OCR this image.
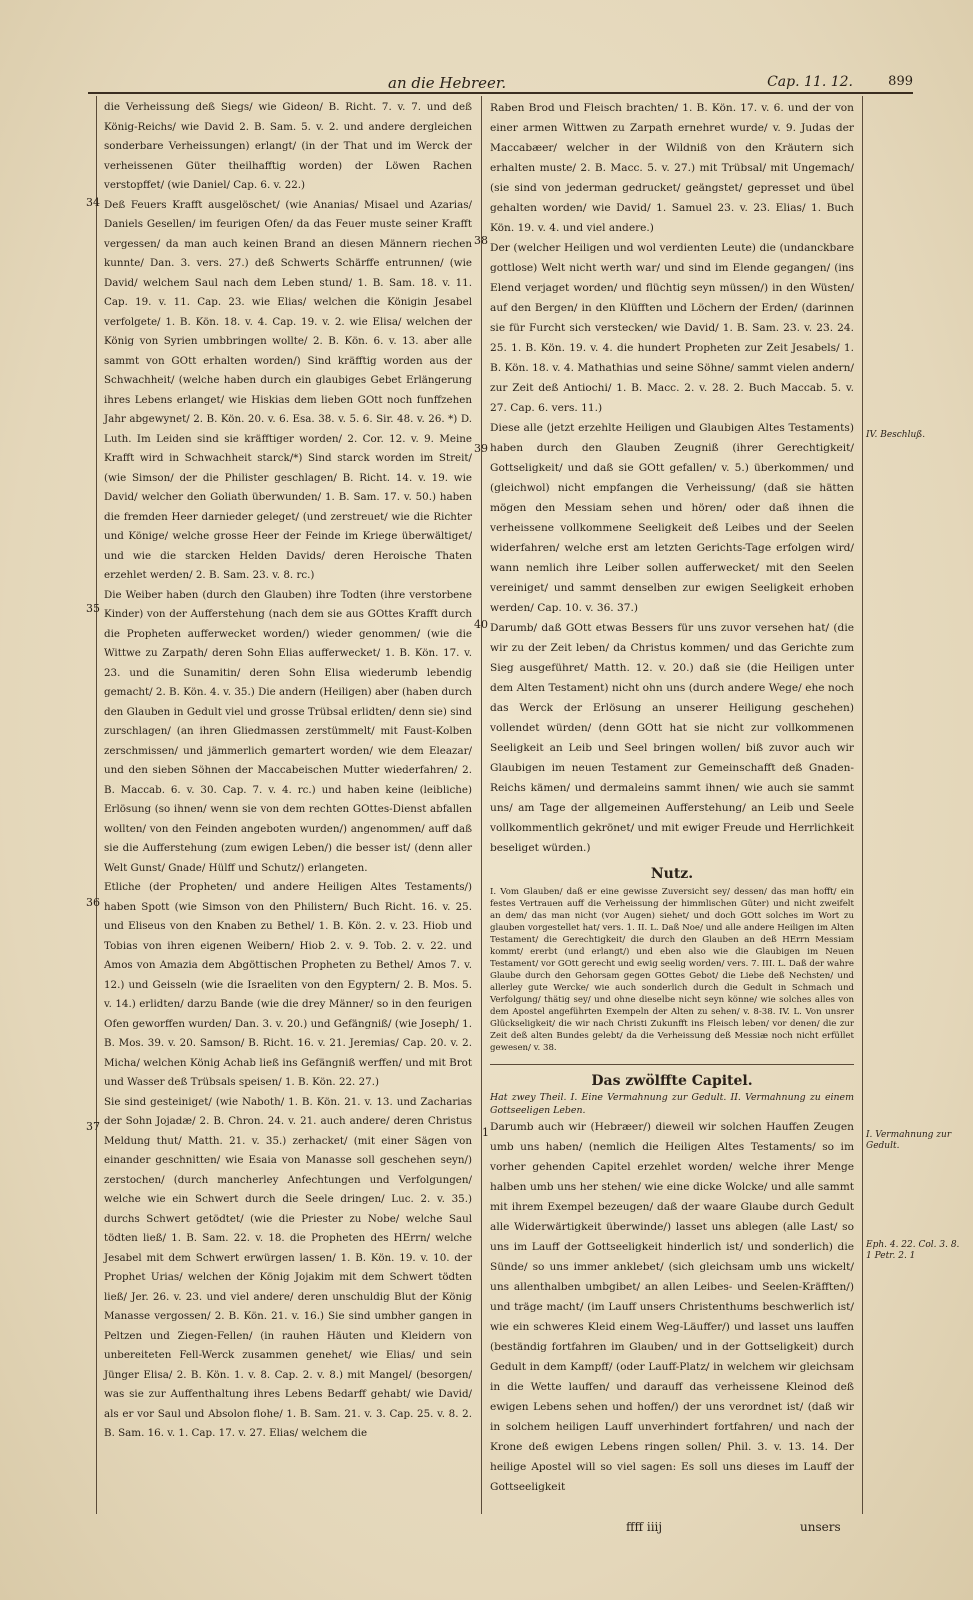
an die Hebreer.	Cap. 11. 12.	899
34
35
36
37
38
39
40
1
IV. Beschluß.
I. Vermahnung zur Gedult.
Eph. 4. 22. Col. 3. 8. 1 Petr. 2. 1

die Verheissung deß Siegs/ wie Gideon/ B. Richt. 7. v. 7. und deß König-Reichs/ wie David 2. B. Sam. 5. v. 2. und andere dergleichen sonderbare Verheissungen) erlangt/ (in der That und im Werck der verheissenen Güter theilhafftig worden) der Löwen Rachen verstopffet/ (wie Daniel/ Cap. 6. v. 22.)

Deß Feuers Krafft ausgelöschet/ (wie Ananias/ Misael und Azarias/ Daniels Gesellen/ im feurigen Ofen/ da das Feuer muste seiner Krafft vergessen/ da man auch keinen Brand an diesen Männern riechen kunnte/ Dan. 3. vers. 27.) deß Schwerts Schärffe entrunnen/ (wie David/ welchem Saul nach dem Leben stund/ 1. B. Sam. 18. v. 11. Cap. 19. v. 11. Cap. 23. wie Elias/ welchen die Königin Jesabel verfolgete/ 1. B. Kön. 18. v. 4. Cap. 19. v. 2. wie Elisa/ welchen der König von Syrien umbbringen wollte/ 2. B. Kön. 6. v. 13. aber alle sammt von GOtt erhalten worden/) Sind kräfftig worden aus der Schwachheit/ (welche haben durch ein glaubiges Gebet Erlängerung ihres Lebens erlanget/ wie Hiskias dem lieben GOtt noch funffzehen Jahr abgewynet/ 2. B. Kön. 20. v. 6. Esa. 38. v. 5. 6. Sir. 48. v. 26. *) D. Luth. Im Leiden sind sie kräfftiger worden/ 2. Cor. 12. v. 9. Meine Krafft wird in Schwachheit starck/*) Sind starck worden im Streit/ (wie Simson/ der die Philister geschlagen/ B. Richt. 14. v. 19. wie David/ welcher den Goliath überwunden/ 1. B. Sam. 17. v. 50.) haben die fremden Heer darnieder geleget/ (und zerstreuet/ wie die Richter und Könige/ welche grosse Heer der Feinde im Kriege überwältiget/ und wie die starcken Helden Davids/ deren Heroische Thaten erzehlet werden/ 2. B. Sam. 23. v. 8. rc.)

Die Weiber haben (durch den Glauben) ihre Todten (ihre verstorbene Kinder) von der Aufferstehung (nach dem sie aus GOttes Krafft durch die Propheten aufferwecket worden/) wieder genommen/ (wie die Wittwe zu Zarpath/ deren Sohn Elias aufferwecket/ 1. B. Kön. 17. v. 23. und die Sunamitin/ deren Sohn Elisa wiederumb lebendig gemacht/ 2. B. Kön. 4. v. 35.) Die andern (Heiligen) aber (haben durch den Glauben in Gedult viel und grosse Trübsal erlidten/ denn sie) sind zurschlagen/ (an ihren Gliedmassen zerstümmelt/ mit Faust-Kolben zerschmissen/ und jämmerlich gemartert worden/ wie dem Eleazar/ und den sieben Söhnen der Maccabeischen Mutter wiederfahren/ 2. B. Maccab. 6. v. 30. Cap. 7. v. 4. rc.) und haben keine (leibliche) Erlösung (so ihnen/ wenn sie von dem rechten GOttes-Dienst abfallen wollten/ von den Feinden angeboten wurden/) angenommen/ auff daß sie die Aufferstehung (zum ewigen Leben/) die besser ist/ (denn aller Welt Gunst/ Gnade/ Hülff und Schutz/) erlangeten.

Etliche (der Propheten/ und andere Heiligen Altes Testaments/) haben Spott (wie Simson von den Philistern/ Buch Richt. 16. v. 25. und Eliseus von den Knaben zu Bethel/ 1. B. Kön. 2. v. 23. Hiob und Tobias von ihren eigenen Weibern/ Hiob 2. v. 9. Tob. 2. v. 22. und Amos von Amazia dem Abgöttischen Propheten zu Bethel/ Amos 7. v. 12.) und Geisseln (wie die Israeliten von den Egyptern/ 2. B. Mos. 5. v. 14.) erlidten/ darzu Bande (wie die drey Männer/ so in den feurigen Ofen geworffen wurden/ Dan. 3. v. 20.) und Gefängniß/ (wie Joseph/ 1. B. Mos. 39. v. 20. Samson/ B. Richt. 16. v. 21. Jeremias/ Cap. 20. v. 2. Micha/ welchen König Achab ließ ins Gefängniß werffen/ und mit Brot und Wasser deß Trübsals speisen/ 1. B. Kön. 22. 27.)

Sie sind gesteiniget/ (wie Naboth/ 1. B. Kön. 21. v. 13. und Zacharias der Sohn Jojadæ/ 2. B. Chron. 24. v. 21. auch andere/ deren Christus Meldung thut/ Matth. 21. v. 35.) zerhacket/ (mit einer Sägen von einander geschnitten/ wie Esaia von Manasse soll geschehen seyn/) zerstochen/ (durch mancherley Anfechtungen und Verfolgungen/ welche wie ein Schwert durch die Seele dringen/ Luc. 2. v. 35.) durchs Schwert getödtet/ (wie die Priester zu Nobe/ welche Saul tödten ließ/ 1. B. Sam. 22. v. 18. die Propheten des HErrn/ welche Jesabel mit dem Schwert erwürgen lassen/ 1. B. Kön. 19. v. 10. der Prophet Urias/ welchen der König Jojakim mit dem Schwert tödten ließ/ Jer. 26. v. 23. und viel andere/ deren unschuldig Blut der König Manasse vergossen/ 2. B. Kön. 21. v. 16.) Sie sind umbher gangen in Peltzen und Ziegen-Fellen/ (in rauhen Häuten und Kleidern von unbereiteten Fell-Werck zusammen genehet/ wie Elias/ und sein Jünger Elisa/ 2. B. Kön. 1. v. 8. Cap. 2. v. 8.) mit Mangel/ (besorgen/ was sie zur Auffenthaltung ihres Lebens Bedarff gehabt/ wie David/ als er vor Saul und Absolon flohe/ 1. B. Sam. 21. v. 3. Cap. 25. v. 8. 2. B. Sam. 16. v. 1. Cap. 17. v. 27. Elias/ welchem die

Raben Brod und Fleisch brachten/ 1. B. Kön. 17. v. 6. und der von einer armen Wittwen zu Zarpath ernehret wurde/ v. 9. Judas der Maccabæer/ welcher in der Wildniß von den Kräutern sich erhalten muste/ 2. B. Macc. 5. v. 27.) mit Trübsal/ mit Ungemach/ (sie sind von jederman gedrucket/ geängstet/ gepresset und übel gehalten worden/ wie David/ 1. Samuel 23. v. 23. Elias/ 1. Buch Kön. 19. v. 4. und viel andere.)

Der (welcher Heiligen und wol verdienten Leute) die (undanckbare gottlose) Welt nicht werth war/ und sind im Elende gegangen/ (ins Elend verjaget worden/ und flüchtig seyn müssen/) in den Wüsten/ auf den Bergen/ in den Klüfften und Löchern der Erden/ (darinnen sie für Furcht sich verstecken/ wie David/ 1. B. Sam. 23. v. 23. 24. 25. 1. B. Kön. 19. v. 4. die hundert Propheten zur Zeit Jesabels/ 1. B. Kön. 18. v. 4. Mathathias und seine Söhne/ sammt vielen andern/ zur Zeit deß Antiochi/ 1. B. Macc. 2. v. 28. 2. Buch Maccab. 5. v. 27. Cap. 6. vers. 11.)

Diese alle (jetzt erzehlte Heiligen und Glaubigen Altes Testaments) haben durch den Glauben Zeugniß (ihrer Gerechtigkeit/ Gottseligkeit/ und daß sie GOtt gefallen/ v. 5.) überkommen/ und (gleichwol) nicht empfangen die Verheissung/ (daß sie hätten mögen den Messiam sehen und hören/ oder daß ihnen die verheissene vollkommene Seeligkeit deß Leibes und der Seelen widerfahren/ welche erst am letzten Gerichts-Tage erfolgen wird/ wann nemlich ihre Leiber sollen aufferwecket/ mit den Seelen vereiniget/ und sammt denselben zur ewigen Seeligkeit erhoben werden/ Cap. 10. v. 36. 37.)

Darumb/ daß GOtt etwas Bessers für uns zuvor versehen hat/ (die wir zu der Zeit leben/ da Christus kommen/ und das Gerichte zum Sieg ausgeführet/ Matth. 12. v. 20.) daß sie (die Heiligen unter dem Alten Testament) nicht ohn uns (durch andere Wege/ ehe noch das Werck der Erlösung an unserer Heiligung geschehen) vollendet würden/ (denn GOtt hat sie nicht zur vollkommenen Seeligkeit an Leib und Seel bringen wollen/ biß zuvor auch wir Glaubigen im neuen Testament zur Gemeinschafft deß Gnaden-Reichs kämen/ und dermaleins sammt ihnen/ wie auch sie sammt uns/ am Tage der allgemeinen Aufferstehung/ an Leib und Seele vollkommentlich gekrönet/ und mit ewiger Freude und Herrlichkeit beseliget würden.)

Nutz.

I. Vom Glauben/ daß er eine gewisse Zuversicht sey/ dessen/ das man hofft/ ein festes Vertrauen auff die Verheissung der himmlischen Güter) und nicht zweifelt an dem/ das man nicht (vor Augen) siehet/ und doch GOtt solches im Wort zu glauben vorgestellet hat/ vers. 1. II. L. Daß Noe/ und alle andere Heiligen im Alten Testament/ die Gerechtigkeit/ die durch den Glauben an deß HErrn Messiam kommt/ ererbt (und erlangt/) und eben also wie die Glaubigen im Neuen Testament/ vor GOtt gerecht und ewig seelig worden/ vers. 7. III. L. Daß der wahre Glaube durch den Gehorsam gegen GOttes Gebot/ die Liebe deß Nechsten/ und allerley gute Wercke/ wie auch sonderlich durch die Gedult in Schmach und Verfolgung/ thätig sey/ und ohne dieselbe nicht seyn könne/ wie solches alles von dem Apostel angeführten Exempeln der Alten zu sehen/ v. 8-38. IV. L. Von unsrer Glückseligkeit/ die wir nach Christi Zukunfft ins Fleisch leben/ vor denen/ die zur Zeit deß alten Bundes gelebt/ da die Verheissung deß Messiæ noch nicht erfüllet gewesen/ v. 38.

Das zwölffte Capitel.

Hat zwey Theil. I. Eine Vermahnung zur Gedult. II. Vermahnung zu einem Gottseeligen Leben.

Darumb auch wir (Hebræer/) dieweil wir solchen Hauffen Zeugen umb uns haben/ (nemlich die Heiligen Altes Testaments/ so im vorher gehenden Capitel erzehlet worden/ welche ihrer Menge halben umb uns her stehen/ wie eine dicke Wolcke/ und alle sammt mit ihrem Exempel bezeugen/ daß der waare Glaube durch Gedult alle Widerwärtigkeit überwinde/) lasset uns ablegen (alle Last/ so uns im Lauff der Gottseeligkeit hinderlich ist/ und sonderlich) die Sünde/ so uns immer anklebet/ (sich gleichsam umb uns wickelt/ uns allenthalben umbgibet/ an allen Leibes- und Seelen-Kräfften/) und träge macht/ (im Lauff unsers Christenthums beschwerlich ist/ wie ein schweres Kleid einem Weg-Läuffer/) und lasset uns lauffen (beständig fortfahren im Glauben/ und in der Gottseligkeit) durch Gedult in dem Kampff/ (oder Lauff-Platz/ in welchem wir gleichsam in die Wette lauffen/ und darauff das verheissene Kleinod deß ewigen Lebens sehen und hoffen/) der uns verordnet ist/ (daß wir in solchem heiligen Lauff unverhindert fortfahren/ und nach der Krone deß ewigen Lebens ringen sollen/ Phil. 3. v. 13. 14. Der heilige Apostel will so viel sagen: Es soll uns dieses im Lauff der Gottseeligkeit

ffff iiij	unsers
